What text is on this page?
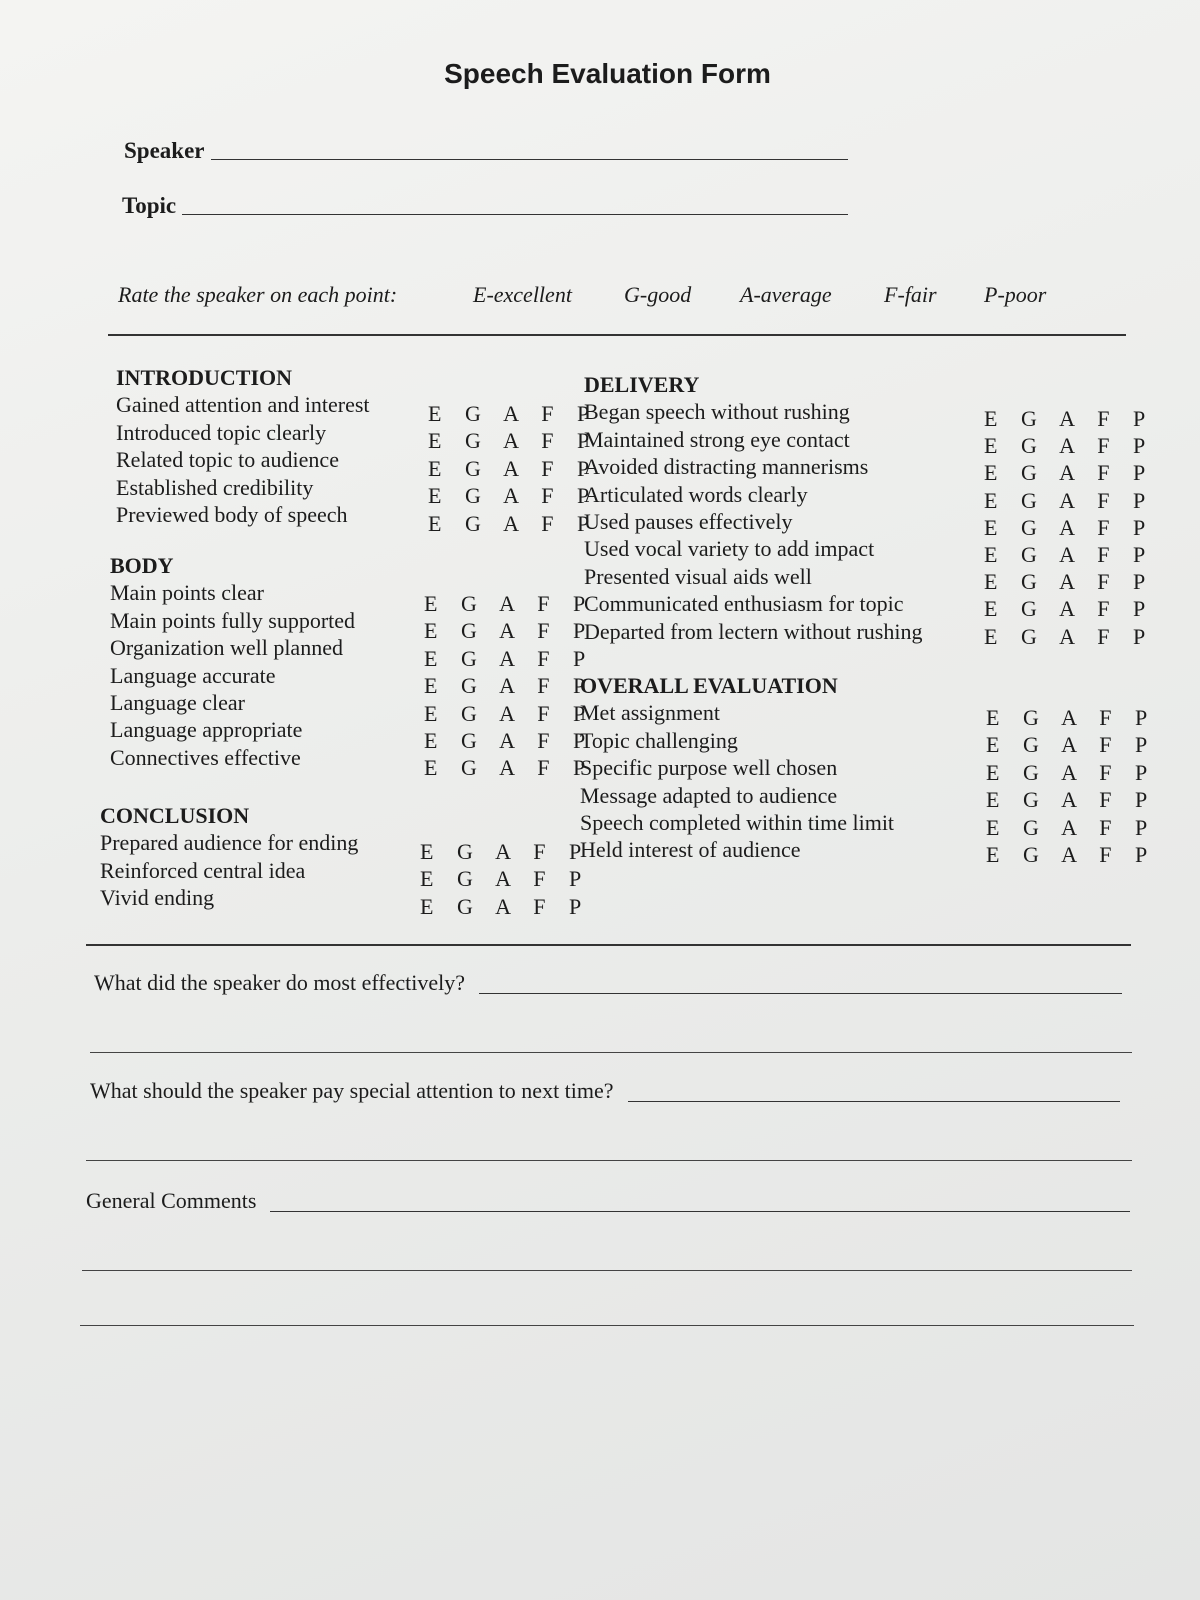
Speech Evaluation Form
Speaker
Topic
Rate the speaker on each point:	E-excellent G-good A-average F-fair P-poor
INTRODUCTION
Gained attention and interest
Introduced topic clearly
Related topic to audience
Established credibility
Previewed body of speech
E G A F P
E G A F P
E G A F P
E G A F P
E G A F P
BODY
Main points clear
Main points fully supported
Organization well planned
Language accurate
Language clear
Language appropriate
Connectives effective
E G A F P
E G A F P
E G A F P
E G A F P
E G A F P
E G A F P
E G A F P
CONCLUSION
Prepared audience for ending
Reinforced central idea
Vivid ending
E G A F P
E G A F P
E G A F P
DELIVERY
Began speech without rushing
Maintained strong eye contact
Avoided distracting mannerisms
Articulated words clearly
Used pauses effectively
Used vocal variety to add impact
Presented visual aids well
Communicated enthusiasm for topic
Departed from lectern without rushing
E G A F P
E G A F P
E G A F P
E G A F P
E G A F P
E G A F P
E G A F P
E G A F P
E G A F P
OVERALL EVALUATION
Met assignment
Topic challenging
Specific purpose well chosen
Message adapted to audience
Speech completed within time limit
Held interest of audience
E G A F P
E G A F P
E G A F P
E G A F P
E G A F P
E G A F P
What did the speaker do most effectively?
What should the speaker pay special attention to next time?
General Comments
